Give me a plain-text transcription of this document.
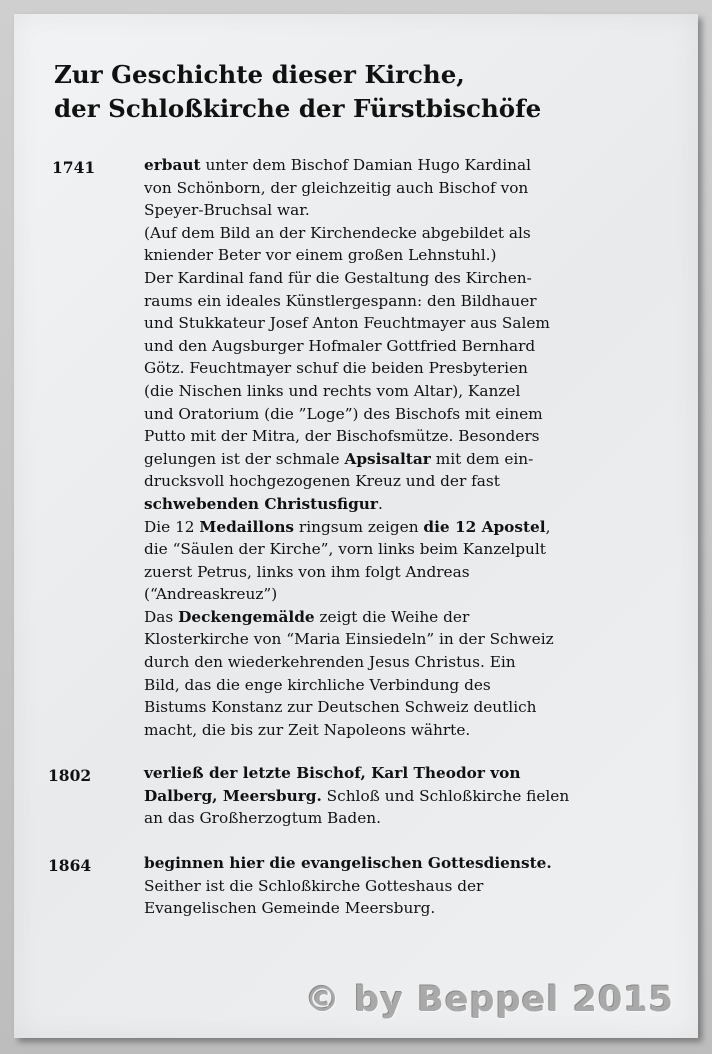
Zur Geschichte dieser Kirche,
der Schloßkirche der Fürstbischöfe
1741	erbaut unter dem Bischof Damian Hugo Kardinal
von Schönborn, der gleichzeitig auch Bischof von
Speyer-Bruchsal war.
(Auf dem Bild an der Kirchendecke abgebildet als
kniender Beter vor einem großen Lehnstuhl.)
Der Kardinal fand für die Gestaltung des Kirchen-
raums ein ideales Künstlergespann: den Bildhauer
und Stukkateur Josef Anton Feuchtmayer aus Salem
und den Augsburger Hofmaler Gottfried Bernhard
Götz. Feuchtmayer schuf die beiden Presbyterien
(die Nischen links und rechts vom Altar), Kanzel
und Oratorium (die ”Loge”) des Bischofs mit einem
Putto mit der Mitra, der Bischofsmütze. Besonders
gelungen ist der schmale Apsisaltar mit dem ein-
drucksvoll hochgezogenen Kreuz und der fast
schwebenden Christusfigur.
Die 12 Medaillons ringsum zeigen die 12 Apostel,
die “Säulen der Kirche”, vorn links beim Kanzelpult
zuerst Petrus, links von ihm folgt Andreas
(“Andreaskreuz”)
Das Deckengemälde zeigt die Weihe der
Klosterkirche von “Maria Einsiedeln” in der Schweiz
durch den wiederkehrenden Jesus Christus. Ein
Bild, das die enge kirchliche Verbindung des
Bistums Konstanz zur Deutschen Schweiz deutlich
macht, die bis zur Zeit Napoleons währte.
1802	verließ der letzte Bischof, Karl Theodor von
Dalberg, Meersburg. Schloß und Schloßkirche fielen
an das Großherzogtum Baden.
1864	beginnen hier die evangelischen Gottesdienste.
Seither ist die Schloßkirche Gotteshaus der
Evangelischen Gemeinde Meersburg.
© by Beppel 2015
